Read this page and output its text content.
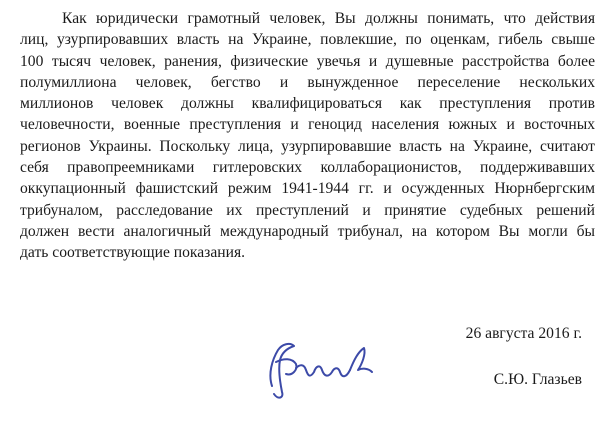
Как юридически грамотный человек, Вы должны понимать, что действия
лиц, узурпировавших власть на Украине, повлекшие, по оценкам, гибель свыше
100 тысяч человек, ранения, физические увечья и душевные расстройства более
полумиллиона человек, бегство и вынужденное переселение нескольких
миллионов человек должны квалифицироваться как преступления против
человечности, военные преступления и геноцид населения южных и восточных
регионов Украины. Поскольку лица, узурпировавшие власть на Украине, считают
себя правопреемниками гитлеровских коллаборационистов, поддерживавших
оккупационный фашистский режим 1941-1944 гг. и осужденных Нюрнбергским
трибуналом, расследование их преступлений и принятие судебных решений
должен вести аналогичный международный трибунал, на котором Вы могли бы
дать соответствующие показания.
26 августа 2016 г.
С.Ю. Глазьев
